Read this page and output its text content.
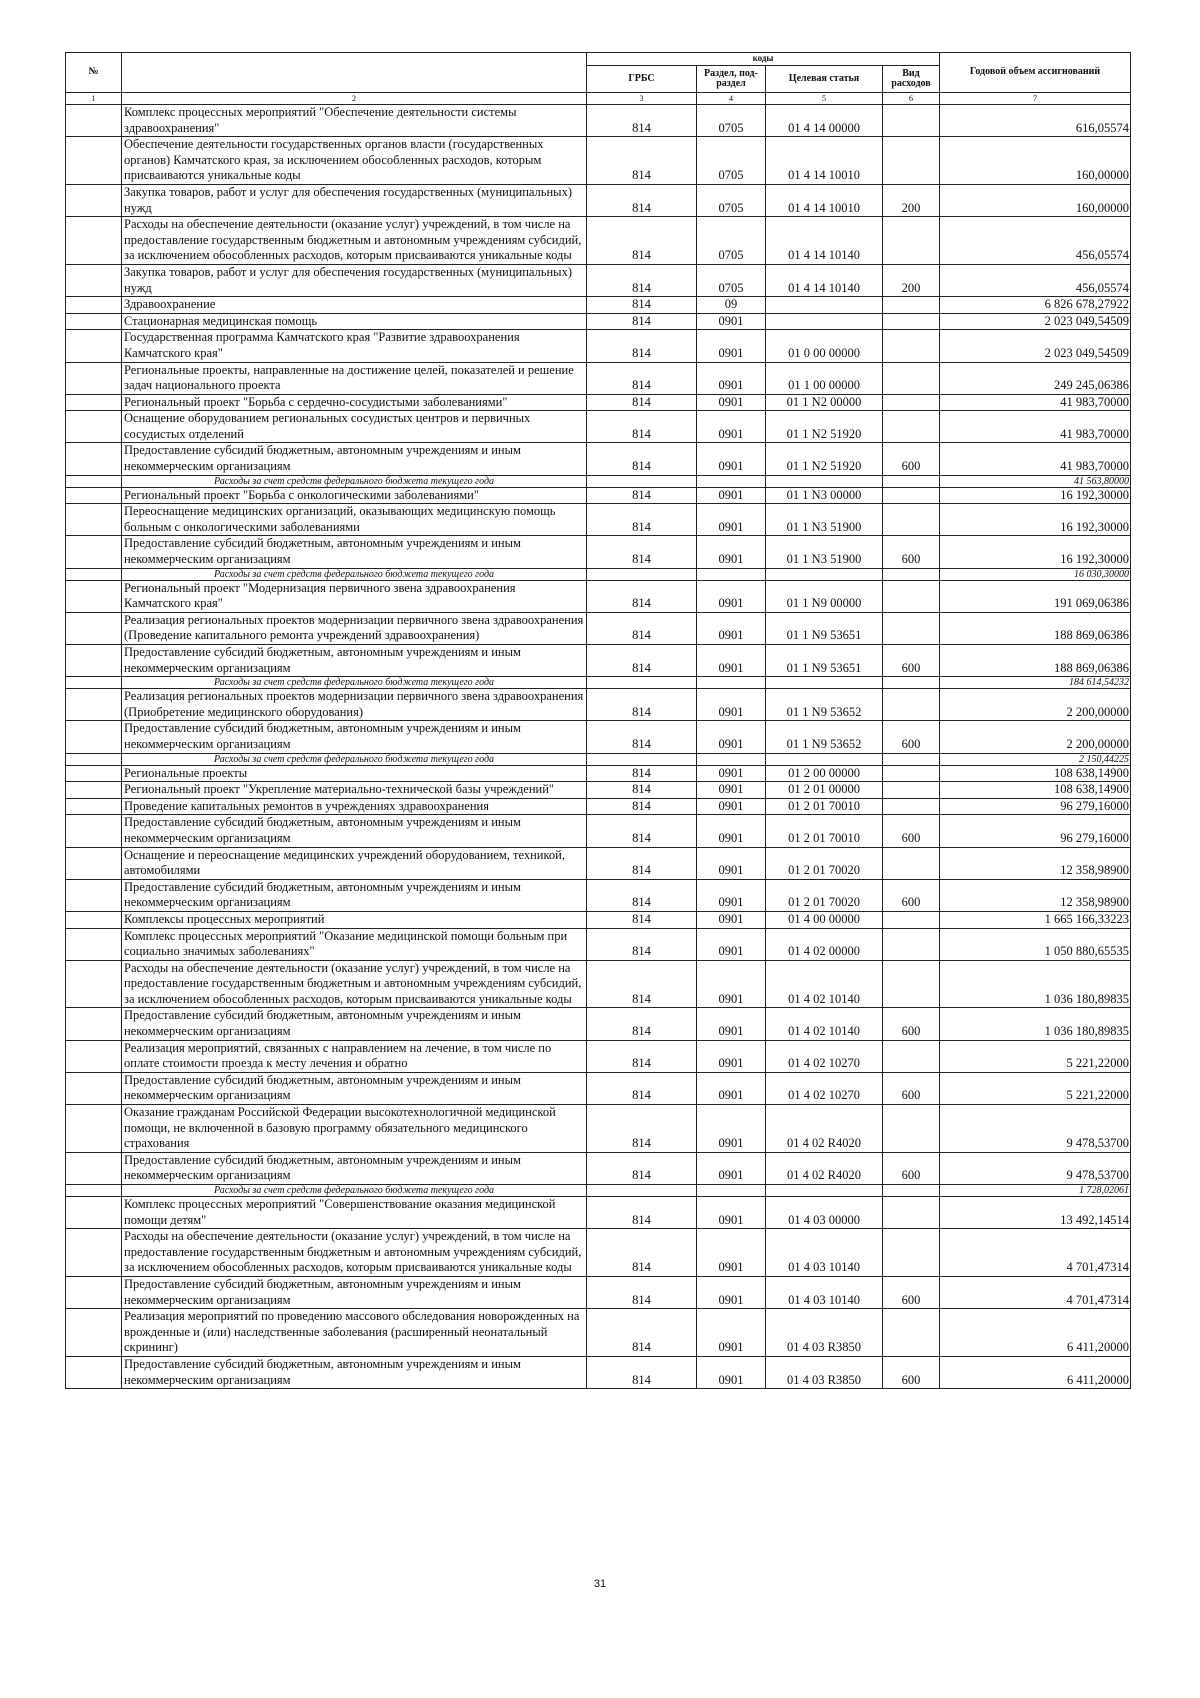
№		коды				Годовой объем ассигнований
		ГРБС	Раздел, под-раздел	Целевая статья	Вид расходов	
1	2	3	4	5	6	7
	Комплекс процессных мероприятий "Обеспечение деятельности системы здравоохранения"	814	0705	01 4 14 00000		616,05574
	Обеспечение деятельности государственных органов власти (государственных органов) Камчатского края, за исключением обособленных расходов, которым присваиваются уникальные коды	814	0705	01 4 14 10010		160,00000
	Закупка товаров, работ и услуг для обеспечения государственных (муниципальных) нужд	814	0705	01 4 14 10010	200	160,00000
	Расходы на обеспечение деятельности (оказание услуг) учреждений, в том числе на предоставление государственным бюджетным и автономным учреждениям субсидий, за исключением обособленных расходов, которым присваиваются уникальные коды	814	0705	01 4 14 10140		456,05574
	Закупка товаров, работ и услуг для обеспечения государственных (муниципальных) нужд	814	0705	01 4 14 10140	200	456,05574
	Здравоохранение	814	09			6 826 678,27922
	Стационарная медицинская помощь	814	0901			2 023 049,54509
	Государственная программа Камчатского края "Развитие здравоохранения Камчатского края"	814	0901	01 0 00 00000		2 023 049,54509
	Региональные проекты, направленные на достижение целей, показателей и решение задач национального проекта	814	0901	01 1 00 00000		249 245,06386
	Региональный проект "Борьба с сердечно-сосудистыми заболеваниями"	814	0901	01 1 N2 00000		41 983,70000
	Оснащение оборудованием региональных сосудистых центров и первичных сосудистых отделений	814	0901	01 1 N2 51920		41 983,70000
	Предоставление субсидий бюджетным, автономным учреждениям и иным некоммерческим организациям	814	0901	01 1 N2 51920	600	41 983,70000
	Расходы за счет средств федерального бюджета текущего года					41 563,80000
	Региональный проект "Борьба с онкологическими заболеваниями"	814	0901	01 1 N3 00000		16 192,30000
	Переоснащение медицинских организаций, оказывающих медицинскую помощь больным с онкологическими заболеваниями	814	0901	01 1 N3 51900		16 192,30000
	Предоставление субсидий бюджетным, автономным учреждениям и иным некоммерческим организациям	814	0901	01 1 N3 51900	600	16 192,30000
	Расходы за счет средств федерального бюджета текущего года					16 030,30000
	Региональный проект "Модернизация первичного звена здравоохранения Камчатского края"	814	0901	01 1 N9 00000		191 069,06386
	Реализация региональных проектов модернизации первичного звена здравоохранения (Проведение капитального ремонта учреждений здравоохранения)	814	0901	01 1 N9 53651		188 869,06386
	Предоставление субсидий бюджетным, автономным учреждениям и иным некоммерческим организациям	814	0901	01 1 N9 53651	600	188 869,06386
	Расходы за счет средств федерального бюджета текущего года					184 614,54232
	Реализация региональных проектов модернизации первичного звена здравоохранения (Приобретение медицинского оборудования)	814	0901	01 1 N9 53652		2 200,00000
	Предоставление субсидий бюджетным, автономным учреждениям и иным некоммерческим организациям	814	0901	01 1 N9 53652	600	2 200,00000
	Расходы за счет средств федерального бюджета текущего года					2 150,44225
	Региональные проекты	814	0901	01 2 00 00000		108 638,14900
	Региональный проект "Укрепление материально-технической базы учреждений"	814	0901	01 2 01 00000		108 638,14900
	Проведение капитальных ремонтов в учреждениях здравоохранения	814	0901	01 2 01 70010		96 279,16000
	Предоставление субсидий бюджетным, автономным учреждениям и иным некоммерческим организациям	814	0901	01 2 01 70010	600	96 279,16000
	Оснащение и переоснащение медицинских учреждений оборудованием, техникой, автомобилями	814	0901	01 2 01 70020		12 358,98900
	Предоставление субсидий бюджетным, автономным учреждениям и иным некоммерческим организациям	814	0901	01 2 01 70020	600	12 358,98900
	Комплексы процессных мероприятий	814	0901	01 4 00 00000		1 665 166,33223
	Комплекс процессных мероприятий "Оказание медицинской помощи больным при социально значимых заболеваниях"	814	0901	01 4 02 00000		1 050 880,65535
	Расходы на обеспечение деятельности (оказание услуг) учреждений, в том числе на предоставление государственным бюджетным и автономным учреждениям субсидий, за исключением обособленных расходов, которым присваиваются уникальные коды	814	0901	01 4 02 10140		1 036 180,89835
	Предоставление субсидий бюджетным, автономным учреждениям и иным некоммерческим организациям	814	0901	01 4 02 10140	600	1 036 180,89835
	Реализация мероприятий, связанных с направлением на лечение, в том числе по оплате стоимости проезда к месту лечения и обратно	814	0901	01 4 02 10270		5 221,22000
	Предоставление субсидий бюджетным, автономным учреждениям и иным некоммерческим организациям	814	0901	01 4 02 10270	600	5 221,22000
	Оказание гражданам Российской Федерации высокотехнологичной медицинской помощи, не включенной в базовую программу обязательного медицинского страхования	814	0901	01 4 02 R4020		9 478,53700
	Предоставление субсидий бюджетным, автономным учреждениям и иным некоммерческим организациям	814	0901	01 4 02 R4020	600	9 478,53700
	Расходы за счет средств федерального бюджета текущего года					1 728,02061
	Комплекс процессных мероприятий "Совершенствование оказания медицинской помощи детям"	814	0901	01 4 03 00000		13 492,14514
	Расходы на обеспечение деятельности (оказание услуг) учреждений, в том числе на предоставление государственным бюджетным и автономным учреждениям субсидий, за исключением обособленных расходов, которым присваиваются уникальные коды	814	0901	01 4 03 10140		4 701,47314
	Предоставление субсидий бюджетным, автономным учреждениям и иным некоммерческим организациям	814	0901	01 4 03 10140	600	4 701,47314
	Реализация мероприятий по проведению массового обследования новорожденных на врожденные и (или) наследственные заболевания (расширенный неонатальный скрининг)	814	0901	01 4 03 R3850		6 411,20000
	Предоставление субсидий бюджетным, автономным учреждениям и иным некоммерческим организациям	814	0901	01 4 03 R3850	600	6 411,20000
31
